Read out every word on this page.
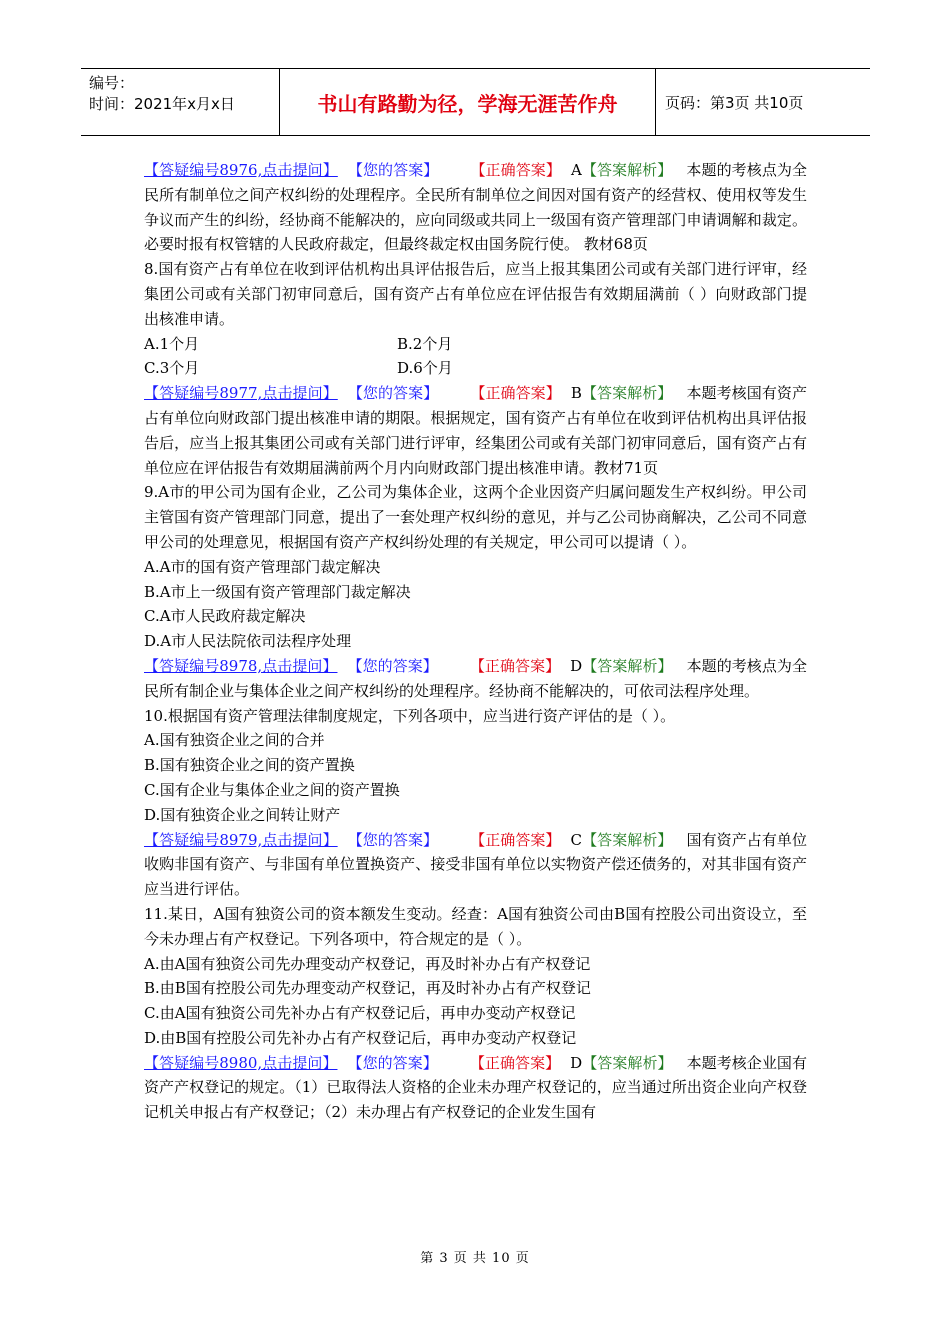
编号：
时间：2021年x月x日	书山有路勤为径，学海无涯苦作舟	页码：第3页 共10页

【答疑编号8976,点击提问】 【您的答案】 【正确答案】 A【答案解析】 本题的考核点为全民所有制单位之间产权纠纷的处理程序。全民所有制单位之间因对国有资产的经营权、使用权等发生争议而产生的纠纷，经协商不能解决的，应向同级或共同上一级国有资产管理部门申请调解和裁定。必要时报有权管辖的人民政府裁定，但最终裁定权由国务院行使。 教材68页

8.国有资产占有单位在收到评估机构出具评估报告后，应当上报其集团公司或有关部门进行评审，经集团公司或有关部门初审同意后，国有资产占有单位应在评估报告有效期届满前（ ）向财政部门提出核准申请。

A.1个月	B.2个月
C.3个月	D.6个月

【答疑编号8977,点击提问】 【您的答案】 【正确答案】 B【答案解析】 本题考核国有资产占有单位向财政部门提出核准申请的期限。根据规定，国有资产占有单位在收到评估机构出具评估报告后，应当上报其集团公司或有关部门进行评审，经集团公司或有关部门初审同意后，国有资产占有单位应在评估报告有效期届满前两个月内向财政部门提出核准申请。教材71页

9.A市的甲公司为国有企业，乙公司为集体企业，这两个企业因资产归属问题发生产权纠纷。甲公司主管国有资产管理部门同意，提出了一套处理产权纠纷的意见，并与乙公司协商解决，乙公司不同意甲公司的处理意见，根据国有资产产权纠纷处理的有关规定，甲公司可以提请（ ）。

A.A市的国有资产管理部门裁定解决

B.A市上一级国有资产管理部门裁定解决

C.A市人民政府裁定解决

D.A市人民法院依司法程序处理

【答疑编号8978,点击提问】 【您的答案】 【正确答案】 D【答案解析】 本题的考核点为全民所有制企业与集体企业之间产权纠纷的处理程序。经协商不能解决的，可依司法程序处理。

10.根据国有资产管理法律制度规定，下列各项中，应当进行资产评估的是（ ）。

A.国有独资企业之间的合并

B.国有独资企业之间的资产置换

C.国有企业与集体企业之间的资产置换

D.国有独资企业之间转让财产

【答疑编号8979,点击提问】 【您的答案】 【正确答案】 C【答案解析】 国有资产占有单位收购非国有资产、与非国有单位置换资产、接受非国有单位以实物资产偿还债务的，对其非国有资产应当进行评估。

11.某日，A国有独资公司的资本额发生变动。经查：A国有独资公司由B国有控股公司出资设立，至今未办理占有产权登记。下列各项中，符合规定的是（ ）。

A.由A国有独资公司先办理变动产权登记，再及时补办占有产权登记

B.由B国有控股公司先办理变动产权登记，再及时补办占有产权登记

C.由A国有独资公司先补办占有产权登记后，再申办变动产权登记

D.由B国有控股公司先补办占有产权登记后，再申办变动产权登记

【答疑编号8980,点击提问】 【您的答案】 【正确答案】 D【答案解析】 本题考核企业国有资产产权登记的规定。（1）已取得法人资格的企业未办理产权登记的，应当通过所出资企业向产权登记机关申报占有产权登记；（2）未办理占有产权登记的企业发生国有

第 3 页 共 10 页
